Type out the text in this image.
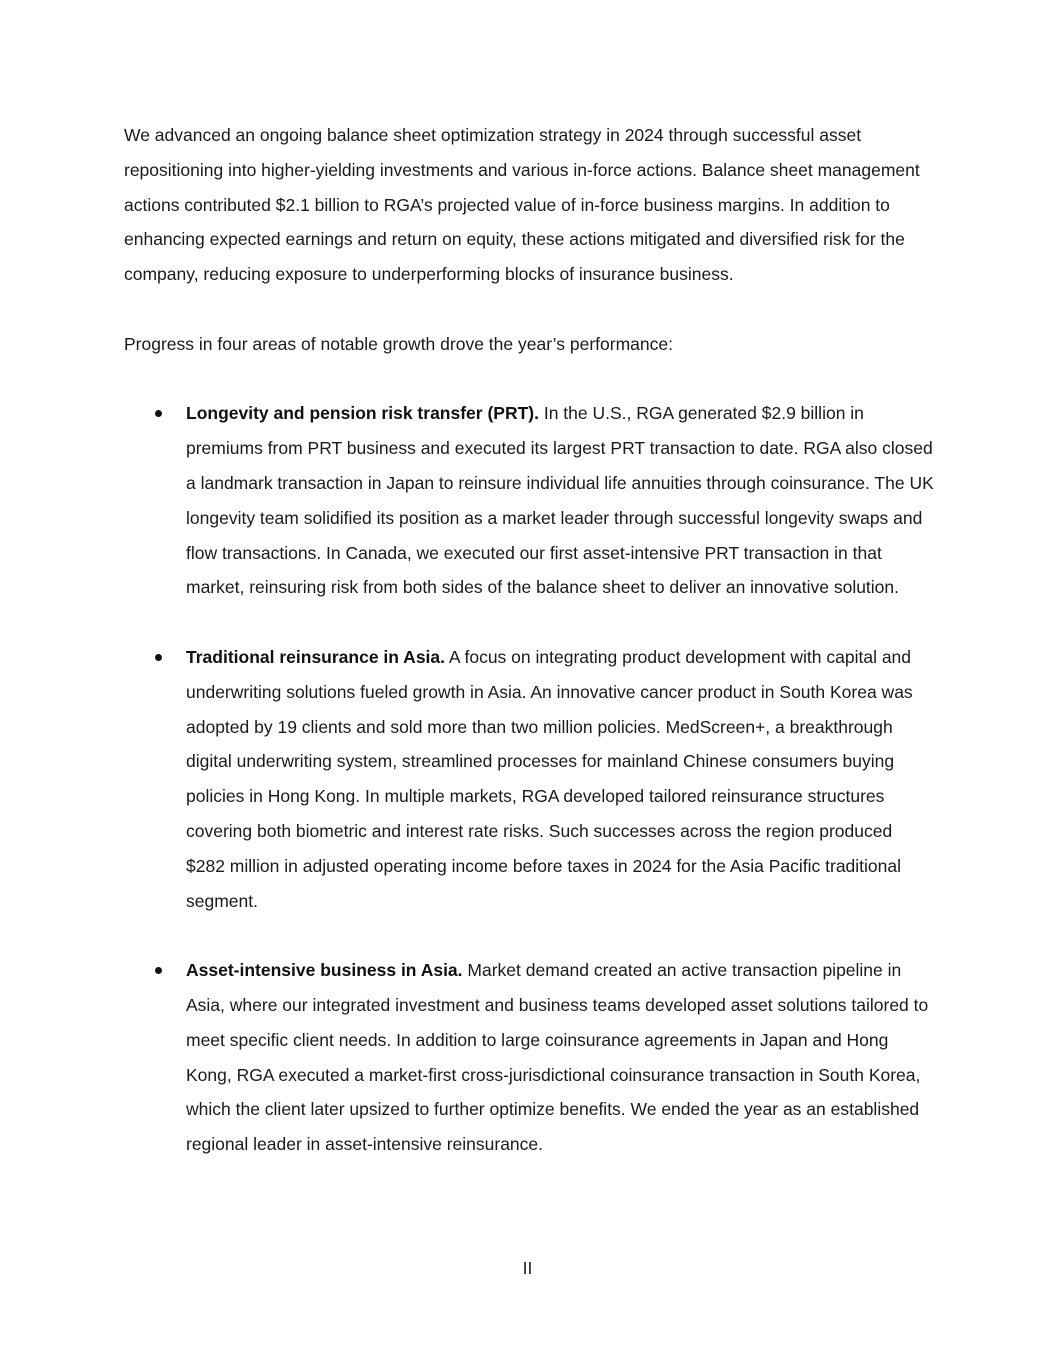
We advanced an ongoing balance sheet optimization strategy in 2024 through successful asset repositioning into higher-yielding investments and various in-force actions. Balance sheet management actions contributed $2.1 billion to RGA’s projected value of in-force business margins. In addition to enhancing expected earnings and return on equity, these actions mitigated and diversified risk for the company, reducing exposure to underperforming blocks of insurance business.

Progress in four areas of notable growth drove the year’s performance:

Longevity and pension risk transfer (PRT). In the U.S., RGA generated $2.9 billion in premiums from PRT business and executed its largest PRT transaction to date. RGA also closed a landmark transaction in Japan to reinsure individual life annuities through coinsurance. The UK longevity team solidified its position as a market leader through successful longevity swaps and flow transactions. In Canada, we executed our first asset-intensive PRT transaction in that market, reinsuring risk from both sides of the balance sheet to deliver an innovative solution.
Traditional reinsurance in Asia. A focus on integrating product development with capital and underwriting solutions fueled growth in Asia. An innovative cancer product in South Korea was adopted by 19 clients and sold more than two million policies. MedScreen+, a breakthrough digital underwriting system, streamlined processes for mainland Chinese consumers buying policies in Hong Kong. In multiple markets, RGA developed tailored reinsurance structures covering both biometric and interest rate risks. Such successes across the region produced $282 million in adjusted operating income before taxes in 2024 for the Asia Pacific traditional segment.
Asset-intensive business in Asia. Market demand created an active transaction pipeline in Asia, where our integrated investment and business teams developed asset solutions tailored to meet specific client needs. In addition to large coinsurance agreements in Japan and Hong Kong, RGA executed a market-first cross-jurisdictional coinsurance transaction in South Korea, which the client later upsized to further optimize benefits. We ended the year as an established regional leader in asset-intensive reinsurance.
II
